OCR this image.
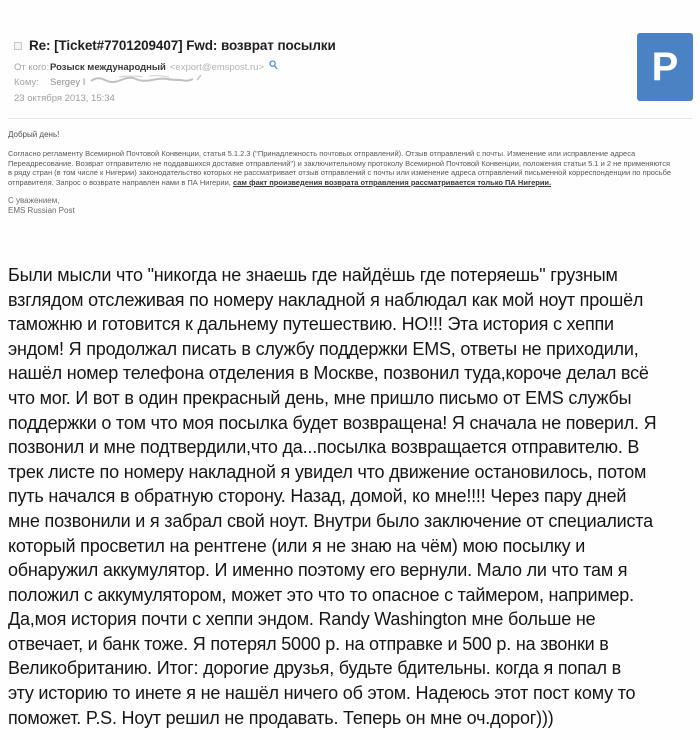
Re: [Ticket#7701209407] Fwd: возврат посылки
От кого: Розыск международный <export@emspost.ru>
Кому:	Sergey I
23 октября 2013, 15:34
P
Добрый день!
Согласно регламенту Всемирной Почтовой Конвенции, статья 5.1.2.3 ("Принадлежность почтовых отправлений). Отзыв отправлений с почты. Изменение или исправление адреса
Переадресование. Возврат отправителю не поддавшихся доставке отправлений") и заключительному протоколу Всемирной Почтовой Конвенции, положения статьи 5.1 и 2 не применяются
в ряду стран (в том числе к Нигерии) законодательство которых не рассматривает отзыв отправлений с почты или изменение адреса отправлений письменной корреспонденции по просьбе
отправителя. Запрос о возврате направлен нами в ПА Нигерии, сам факт произведения возврата отправления рассматривается только ПА Нигерии.
С уважением,
EMS Russian Post
Были мысли что "никогда не знаешь где найдёшь где потеряешь" грузным
взглядом отслеживая по номеру накладной я наблюдал как мой ноут прошёл
таможню и готовится к дальнему путешествию. НО!!! Эта история с хеппи
эндом! Я продолжал писать в службу поддержки EMS, ответы не приходили,
нашёл номер телефона отделения в Москве, позвонил туда,короче делал всё
что мог. И вот в один прекрасный день, мне пришло письмо от EMS службы
поддержки о том что моя посылка будет возвращена! Я сначала не поверил. Я
позвонил и мне подтвердили,что да...посылка возвращается отправителю. В
трек листе по номеру накладной я увидел что движение остановилось, потом
путь начался в обратную сторону. Назад, домой, ко мне!!!! Через пару дней
мне позвонили и я забрал свой ноут. Внутри было заключение от специалиста
который просветил на рентгене (или я не знаю на чём) мою посылку и
обнаружил аккумулятор. И именно поэтому его вернули. Мало ли что там я
положил с аккумулятором, может это что то опасное с таймером, например.
Да,моя история почти с хеппи эндом. Randy Washington мне больше не
отвечает, и банк тоже. Я потерял 5000 р. на отправке и 500 р. на звонки в
Великобританию. Итог: дорогие друзья, будьте бдительны. когда я попал в
эту историю то инете я не нашёл ничего об этом. Надеюсь этот пост кому то
поможет. P.S. Ноут решил не продавать. Теперь он мне оч.дорог)))
